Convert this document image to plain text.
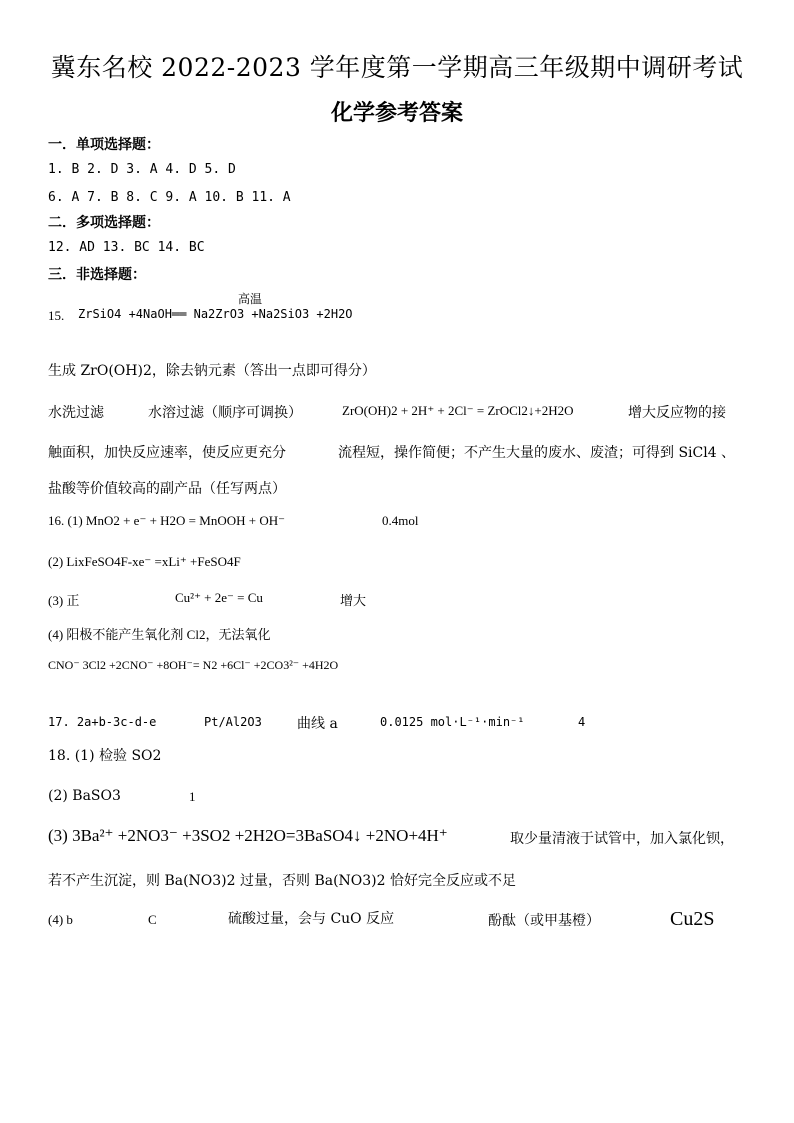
冀东名校 2022-2023 学年度第一学期高三年级期中调研考试
化学参考答案
一．单项选择题：
1. B 2. D 3. A 4. D 5. D
6. A 7. B 8. C 9. A 10. B 11. A
二．多项选择题：
12. AD 13. BC 14. BC
三．非选择题：
15.
高温
ZrSiO4 +4NaOH══ Na2ZrO3 +Na2SiO3 +2H2O
生成 ZrO(OH)2，除去钠元素（答出一点即可得分）
水洗过滤	水溶过滤（顺序可调换）	ZrO(OH)2 + 2H⁺ + 2Cl⁻ = ZrOCl2↓+2H2O	增大反应物的接
触面积，加快反应速率，使反应更充分	流程短，操作简便；不产生大量的废水、废渣；可得到 SiCl4 、
盐酸等价值较高的副产品（任写两点）
16. (1) MnO2 + e⁻ + H2O = MnOOH + OH⁻	0.4mol
(2) LixFeSO4F-xe⁻ =xLi⁺ +FeSO4F
(3) 正	Cu²⁺ + 2e⁻ = Cu	增大
(4) 阳极不能产生氧化剂 Cl2，无法氧化
CNO⁻ 3Cl2 +2CNO⁻ +8OH⁻= N2 +6Cl⁻ +2CO3²⁻ +4H2O
17. 2a+b-3c-d-e	Pt/Al2O3	曲线 a	0.0125 mol·L⁻¹·min⁻¹	4
18. (1) 检验 SO2
(2) BaSO3	1
(3) 3Ba²⁺ +2NO3⁻ +3SO2 +2H2O=3BaSO4↓ +2NO+4H⁺	取少量清液于试管中，加入氯化钡，
若不产生沉淀，则 Ba(NO3)2 过量，否则 Ba(NO3)2 恰好完全反应或不足
(4) b	C	硫酸过量，会与 CuO 反应	酚酞（或甲基橙）	Cu2S
